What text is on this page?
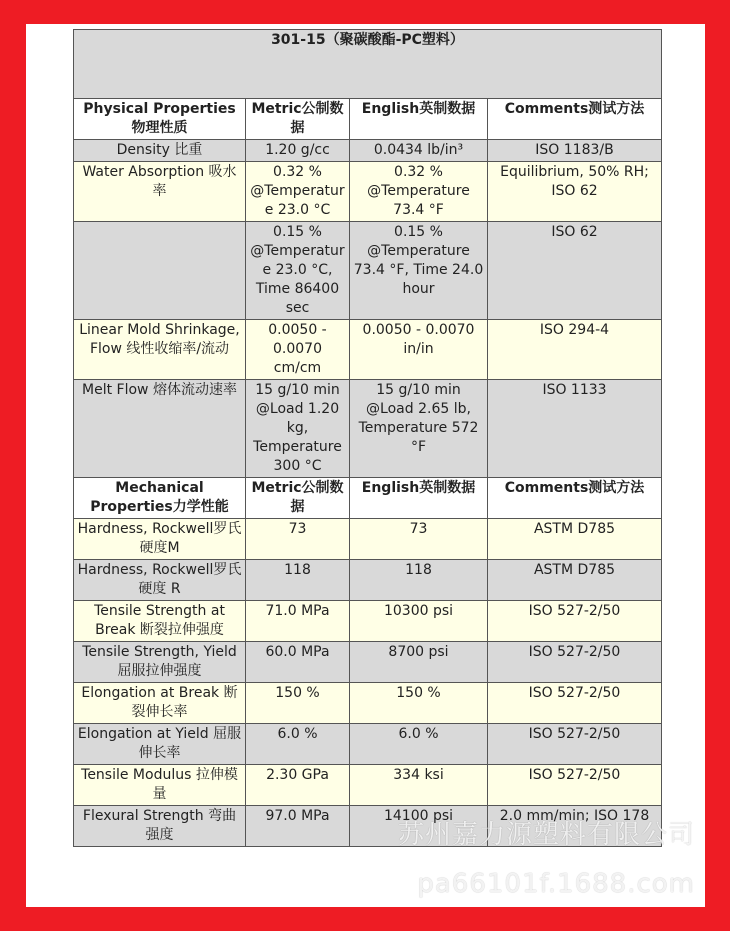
301-15（聚碳酸酯-PC塑料）			
Physical Properties物理性质	Metric公制数据	English英制数据	Comments测试方法
Density 比重	1.20 g/cc	0.0434 lb/in³	ISO 1183/B
Water Absorption 吸水率	0.32 % @Temperature 23.0 °C	0.32 % @Temperature 73.4 °F	Equilibrium, 50% RH; ISO 62
	0.15 % @Temperature 23.0 °C, Time 86400 sec	0.15 % @Temperature 73.4 °F, Time 24.0 hour	ISO 62
Linear Mold Shrinkage, Flow 线性收缩率/流动	0.0050 - 0.0070 cm/cm	0.0050 - 0.0070 in/in	ISO 294-4
Melt Flow 熔体流动速率	15 g/10 min @Load 1.20 kg, Temperature 300 °C	15 g/10 min @Load 2.65 lb, Temperature 572 °F	ISO 1133
Mechanical Properties力学性能	Metric公制数据	English英制数据	Comments测试方法
Hardness, Rockwell罗氏硬度M	73	73	ASTM D785
Hardness, Rockwell罗氏硬度 R	118	118	ASTM D785
Tensile Strength at Break 断裂拉伸强度	71.0 MPa	10300 psi	ISO 527-2/50
Tensile Strength, Yield 屈服拉伸强度	60.0 MPa	8700 psi	ISO 527-2/50
Elongation at Break 断裂伸长率	150 %	150 %	ISO 527-2/50
Elongation at Yield 屈服伸长率	6.0 %	6.0 %	ISO 527-2/50
Tensile Modulus 拉伸模量	2.30 GPa	334 ksi	ISO 527-2/50
Flexural Strength 弯曲强度	97.0 MPa	14100 psi	2.0 mm/min; ISO 178
苏州嘉力源塑料有限公司
pa66101f.1688.com
